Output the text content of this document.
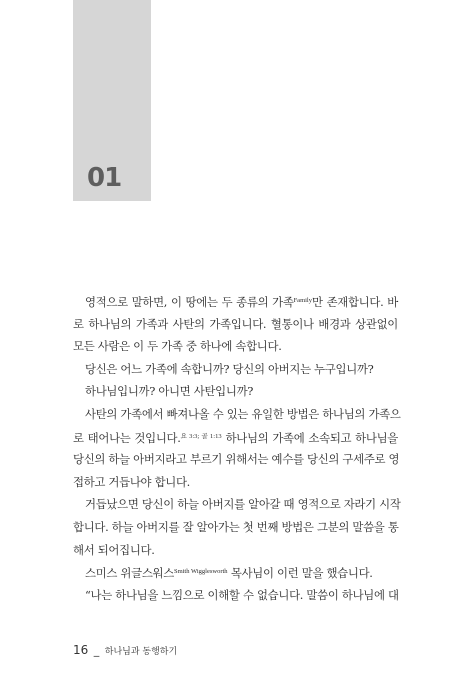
01
영적으로 말하면, 이 땅에는 두 종류의 가족$^{Family}$만 존재합니다. 바
로 하나님의 가족과 사탄의 가족입니다. 혈통이나 배경과 상관없이
모든 사람은 이 두 가족 중 하나에 속합니다.
당신은 어느 가족에 속합니까? 당신의 아버지는 누구입니까?
하나님입니까? 아니면 사탄입니까?
사탄의 가족에서 빠져나올 수 있는 유일한 방법은 하나님의 가족으
로 태어나는 것입니다.$^{요 3:3; 골 1:13}$ 하나님의 가족에 소속되고 하나님을
당신의 하늘 아버지라고 부르기 위해서는 예수를 당신의 구세주로 영
접하고 거듭나야 합니다.
거듭났으면 당신이 하늘 아버지를 알아갈 때 영적으로 자라기 시작
합니다. 하늘 아버지를 잘 알아가는 첫 번째 방법은 그분의 말씀을 통
해서 되어집니다.
스미스 위글스워스$^{Smith Wigglesworth}$ 목사님이 이런 말을 했습니다.
“나는 하나님을 느낌으로 이해할 수 없습니다. 말씀이 하나님에 대
16 _ 하나님과 동행하기
